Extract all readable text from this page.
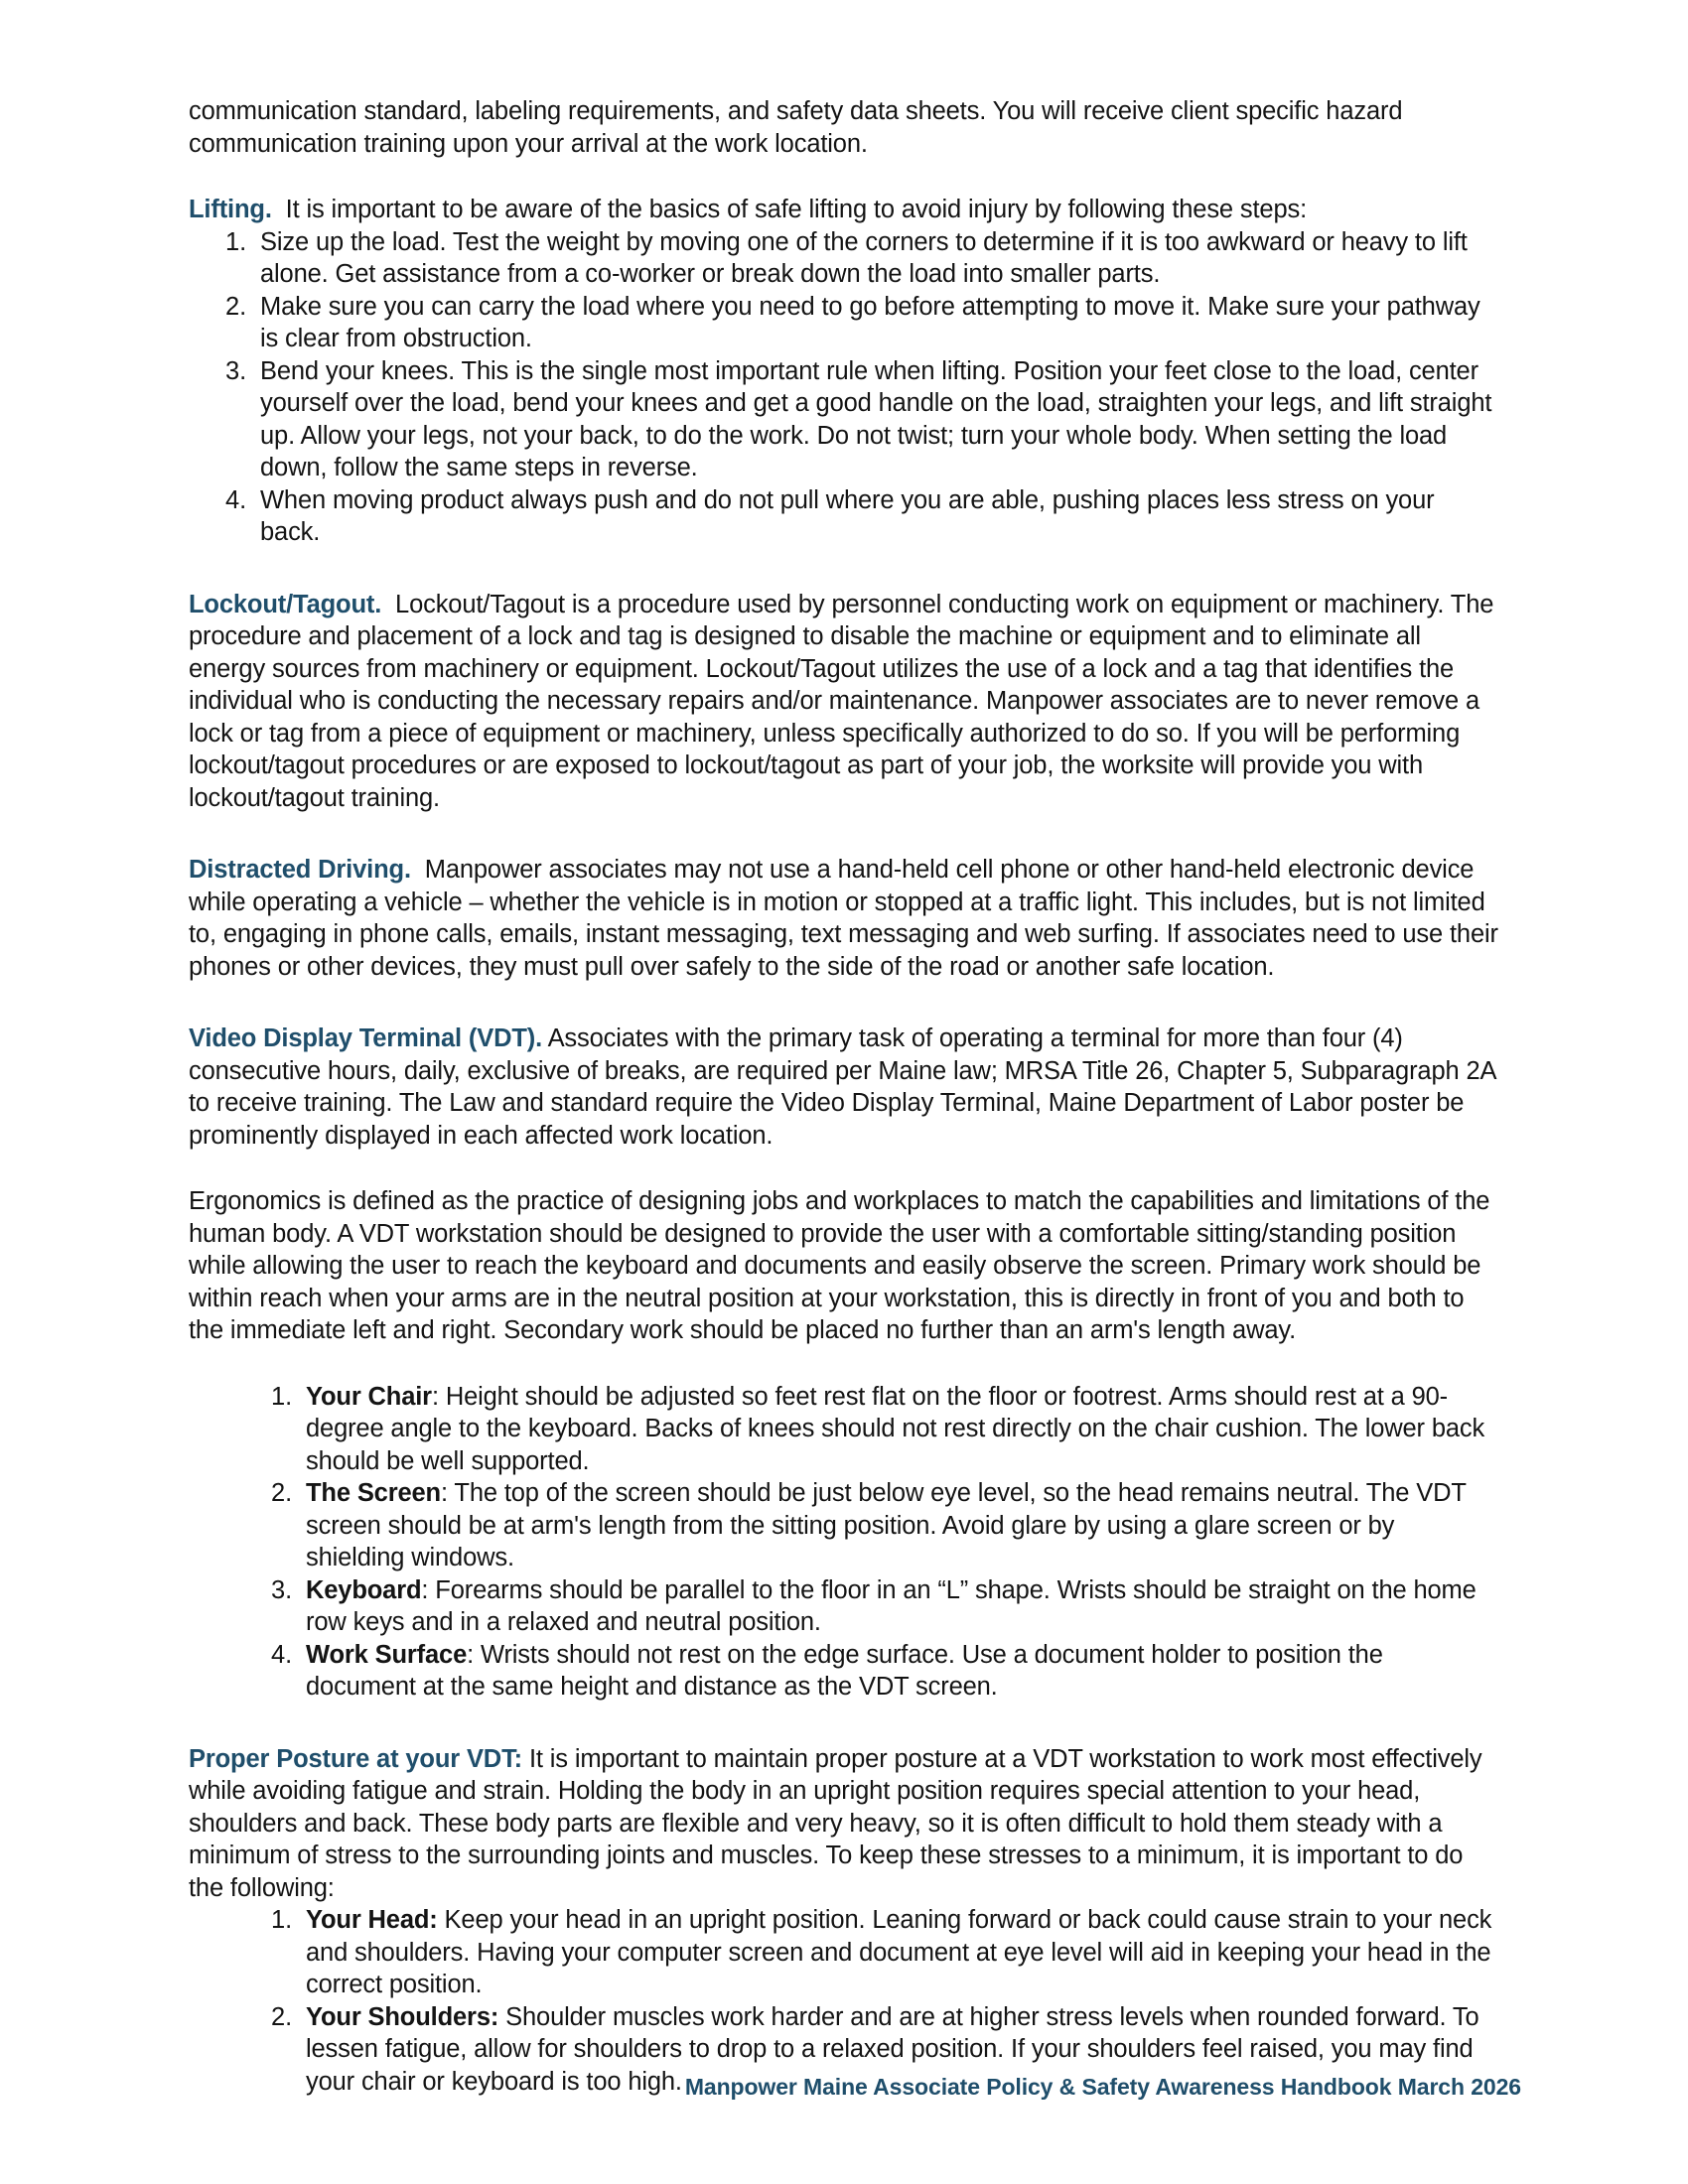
communication standard, labeling requirements, and safety data sheets. You will receive client specific hazard communication training upon your arrival at the work location.

Lifting. It is important to be aware of the basics of safe lifting to avoid injury by following these steps:

1. Size up the load. Test the weight by moving one of the corners to determine if it is too awkward or heavy to lift alone. Get assistance from a co-worker or break down the load into smaller parts.
2. Make sure you can carry the load where you need to go before attempting to move it. Make sure your pathway is clear from obstruction.
3. Bend your knees. This is the single most important rule when lifting. Position your feet close to the load, center yourself over the load, bend your knees and get a good handle on the load, straighten your legs, and lift straight up. Allow your legs, not your back, to do the work. Do not twist; turn your whole body. When setting the load down, follow the same steps in reverse.
4. When moving product always push and do not pull where you are able, pushing places less stress on your back.

Lockout/Tagout. Lockout/Tagout is a procedure used by personnel conducting work on equipment or machinery. The procedure and placement of a lock and tag is designed to disable the machine or equipment and to eliminate all energy sources from machinery or equipment. Lockout/Tagout utilizes the use of a lock and a tag that identifies the individual who is conducting the necessary repairs and/or maintenance. Manpower associates are to never remove a lock or tag from a piece of equipment or machinery, unless specifically authorized to do so. If you will be performing lockout/tagout procedures or are exposed to lockout/tagout as part of your job, the worksite will provide you with lockout/tagout training.

Distracted Driving. Manpower associates may not use a hand-held cell phone or other hand-held electronic device while operating a vehicle – whether the vehicle is in motion or stopped at a traffic light. This includes, but is not limited to, engaging in phone calls, emails, instant messaging, text messaging and web surfing. If associates need to use their phones or other devices, they must pull over safely to the side of the road or another safe location.

Video Display Terminal (VDT). Associates with the primary task of operating a terminal for more than four (4) consecutive hours, daily, exclusive of breaks, are required per Maine law; MRSA Title 26, Chapter 5, Subparagraph 2A to receive training. The Law and standard require the Video Display Terminal, Maine Department of Labor poster be prominently displayed in each affected work location.

Ergonomics is defined as the practice of designing jobs and workplaces to match the capabilities and limitations of the human body. A VDT workstation should be designed to provide the user with a comfortable sitting/standing position while allowing the user to reach the keyboard and documents and easily observe the screen. Primary work should be within reach when your arms are in the neutral position at your workstation, this is directly in front of you and both to the immediate left and right. Secondary work should be placed no further than an arm's length away.

1. Your Chair: Height should be adjusted so feet rest flat on the floor or footrest. Arms should rest at a 90-degree angle to the keyboard. Backs of knees should not rest directly on the chair cushion. The lower back should be well supported.
2. The Screen: The top of the screen should be just below eye level, so the head remains neutral. The VDT screen should be at arm's length from the sitting position. Avoid glare by using a glare screen or by shielding windows.
3. Keyboard: Forearms should be parallel to the floor in an “L” shape. Wrists should be straight on the home row keys and in a relaxed and neutral position.
4. Work Surface: Wrists should not rest on the edge surface. Use a document holder to position the document at the same height and distance as the VDT screen.

Proper Posture at your VDT: It is important to maintain proper posture at a VDT workstation to work most effectively while avoiding fatigue and strain. Holding the body in an upright position requires special attention to your head, shoulders and back. These body parts are flexible and very heavy, so it is often difficult to hold them steady with a minimum of stress to the surrounding joints and muscles. To keep these stresses to a minimum, it is important to do the following:

1. Your Head: Keep your head in an upright position. Leaning forward or back could cause strain to your neck and shoulders. Having your computer screen and document at eye level will aid in keeping your head in the correct position.
2. Your Shoulders: Shoulder muscles work harder and are at higher stress levels when rounded forward. To lessen fatigue, allow for shoulders to drop to a relaxed position. If your shoulders feel raised, you may find your chair or keyboard is too high. Manpower Maine Associate Policy & Safety Awareness Handbook March 2026
